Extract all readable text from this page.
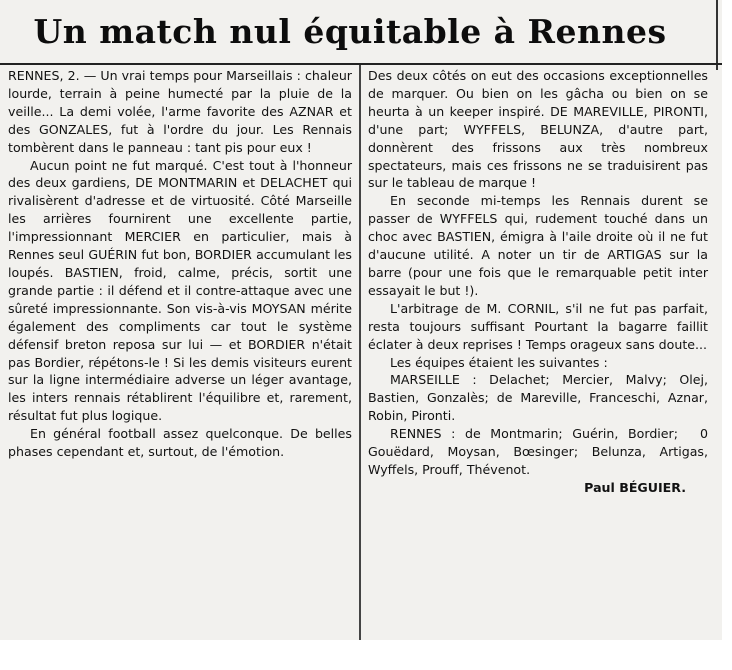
Un match nul équitable à Rennes

RENNES, 2. — Un vrai temps pour Marseillais : chaleur lourde, terrain à peine humecté par la pluie de la veille... La demi volée, l'arme favorite des AZNAR et des GONZALES, fut à l'ordre du jour. Les Rennais tombèrent dans le panneau : tant pis pour eux !

Aucun point ne fut marqué. C'est tout à l'honneur des deux gardiens, DE MONTMARIN et DELACHET qui rivalisèrent d'adresse et de virtuosité. Côté Marseille les arrières fournirent une excellente partie, l'impressionnant MERCIER en particulier, mais à Rennes seul GUÉRIN fut bon, BORDIER accumulant les loupés. BASTIEN, froid, calme, précis, sortit une grande partie : il défend et il contre-attaque avec une sûreté impressionnante. Son vis-à-vis MOYSAN mérite également des compliments car tout le système défensif breton reposa sur lui — et BORDIER n'était pas Bordier, répétons-le ! Si les demis visiteurs eurent sur la ligne intermédiaire adverse un léger avantage, les inters rennais rétablirent l'équilibre et, rarement, résultat fut plus logique.

En général football assez quelconque. De belles phases cependant et, surtout, de l'émotion.

Des deux côtés on eut des occasions exceptionnelles de marquer. Ou bien on les gâcha ou bien on se heurta à un keeper inspiré. DE MAREVILLE, PIRONTI, d'une part; WYFFELS, BELUNZA, d'autre part, donnèrent des frissons aux très nombreux spectateurs, mais ces frissons ne se traduisirent pas sur le tableau de marque !

En seconde mi-temps les Rennais durent se passer de WYFFELS qui, rudement touché dans un choc avec BASTIEN, émigra à l'aile droite où il ne fut d'aucune utilité. A noter un tir de ARTIGAS sur la barre (pour une fois que le remarquable petit inter essayait le but !).

L'arbitrage de M. CORNIL, s'il ne fut pas parfait, resta toujours suffisant Pourtant la bagarre faillit éclater à deux reprises ! Temps orageux sans doute...

Les équipes étaient les suivantes :

MARSEILLE : Delachet; Mercier, Malvy; Olej, Bastien, Gonzalès; de Mareville, Franceschi, Aznar, Robin, Pironti.

0
RENNES : de Montmarin; Guérin, Bordier; Gouëdard, Moysan, Bœsinger; Belunza, Artigas, Wyffels, Prouff, Thévenot.

Paul BÉGUIER.
